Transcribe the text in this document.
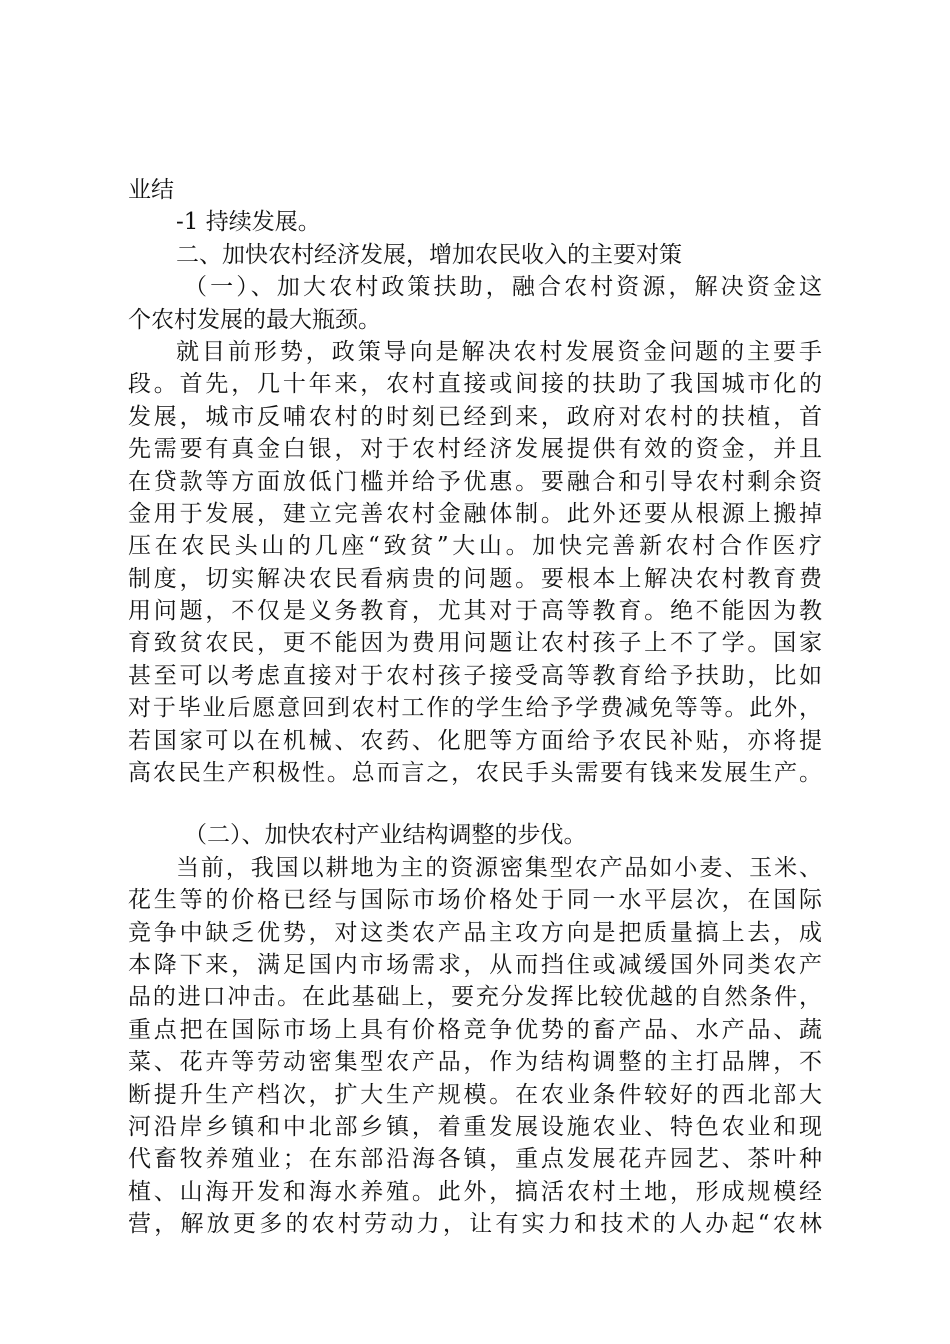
业结
-1 持续发展。
二、加快农村经济发展，增加农民收入的主要对策
（一）、加大农村政策扶助，融合农村资源，解决资金这
个农村发展的最大瓶颈。
就目前形势，政策导向是解决农村发展资金问题的主要手
段。首先，几十年来，农村直接或间接的扶助了我国城市化的
发展，城市反哺农村的时刻已经到来，政府对农村的扶植，首
先需要有真金白银，对于农村经济发展提供有效的资金，并且
在贷款等方面放低门槛并给予优惠。要融合和引导农村剩余资
金用于发展，建立完善农村金融体制。此外还要从根源上搬掉
压在农民头山的几座“致贫”大山。加快完善新农村合作医疗
制度，切实解决农民看病贵的问题。要根本上解决农村教育费
用问题，不仅是义务教育，尤其对于高等教育。绝不能因为教
育致贫农民，更不能因为费用问题让农村孩子上不了学。国家
甚至可以考虑直接对于农村孩子接受高等教育给予扶助，比如
对于毕业后愿意回到农村工作的学生给予学费减免等等。此外，
若国家可以在机械、农药、化肥等方面给予农民补贴，亦将提
高农民生产积极性。总而言之，农民手头需要有钱来发展生产。
（二）、加快农村产业结构调整的步伐。
当前，我国以耕地为主的资源密集型农产品如小麦、玉米、
花生等的价格已经与国际市场价格处于同一水平层次，在国际
竞争中缺乏优势，对这类农产品主攻方向是把质量搞上去，成
本降下来，满足国内市场需求，从而挡住或减缓国外同类农产
品的进口冲击。在此基础上，要充分发挥比较优越的自然条件，
重点把在国际市场上具有价格竞争优势的畜产品、水产品、蔬
菜、花卉等劳动密集型农产品，作为结构调整的主打品牌，不
断提升生产档次，扩大生产规模。在农业条件较好的西北部大
河沿岸乡镇和中北部乡镇，着重发展设施农业、特色农业和现
代畜牧养殖业；在东部沿海各镇，重点发展花卉园艺、茶叶种
植、山海开发和海水养殖。此外，搞活农村土地，形成规模经
营，解放更多的农村劳动力，让有实力和技术的人办起“农林
